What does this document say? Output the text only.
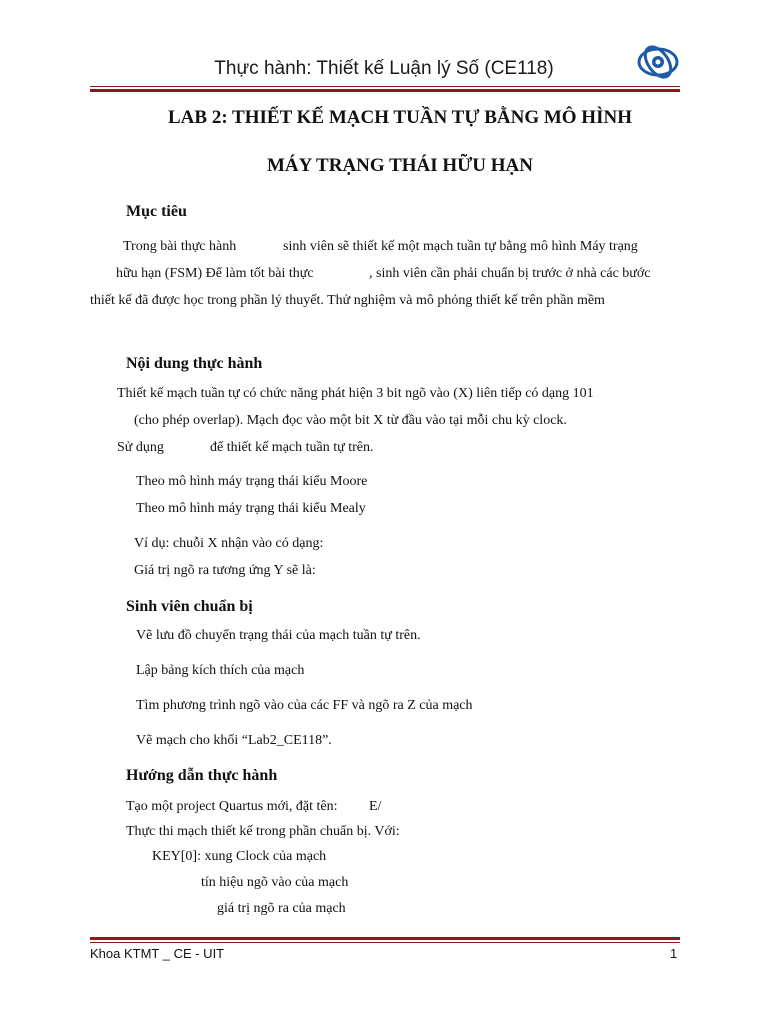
Thực hành: Thiết kế Luận lý Số (CE118)
LAB 2: THIẾT KẾ MẠCH TUẦN TỰ BẰNG MÔ HÌNH
MÁY TRẠNG THÁI HỮU HẠN
Mục tiêu
Trong bài thực hành	sinh viên sẽ thiết kế một mạch tuần tự bằng mô hình Máy trạng
hữu hạn (FSM) Để làm tốt bài thực	, sinh viên cần phải chuẩn bị trước ở nhà các bước
thiết kế đã được học trong phần lý thuyết. Thử nghiệm và mô phỏng thiết kế trên phần mềm
Nội dung thực hành
Thiết kế mạch tuần tự có chức năng phát hiện 3 bit ngõ vào (X) liên tiếp có dạng 101
(cho phép overlap). Mạch đọc vào một bit X từ đầu vào tại mỗi chu kỳ clock.
Sử dụng	để thiết kế mạch tuần tự trên.
Theo mô hình máy trạng thái kiểu Moore
Theo mô hình máy trạng thái kiểu Mealy
Ví dụ: chuỗi X nhận vào có dạng:
Giá trị ngõ ra tương ứng Y sẽ là:
Sinh viên chuẩn bị
Vẽ lưu đồ chuyển trạng thái của mạch tuần tự trên.
Lập bảng kích thích của mạch
Tìm phương trình ngõ vào của các FF và ngõ ra Z của mạch
Vẽ mạch cho khối “Lab2_CE118”.
Hướng dẫn thực hành
Tạo một project Quartus mới, đặt tên: E/
Thực thi mạch thiết kế trong phần chuẩn bị. Với:
KEY[0]: xung Clock của mạch
tín hiệu ngõ vào của mạch
giá trị ngõ ra của mạch
Khoa KTMT _ CE - UIT	1
